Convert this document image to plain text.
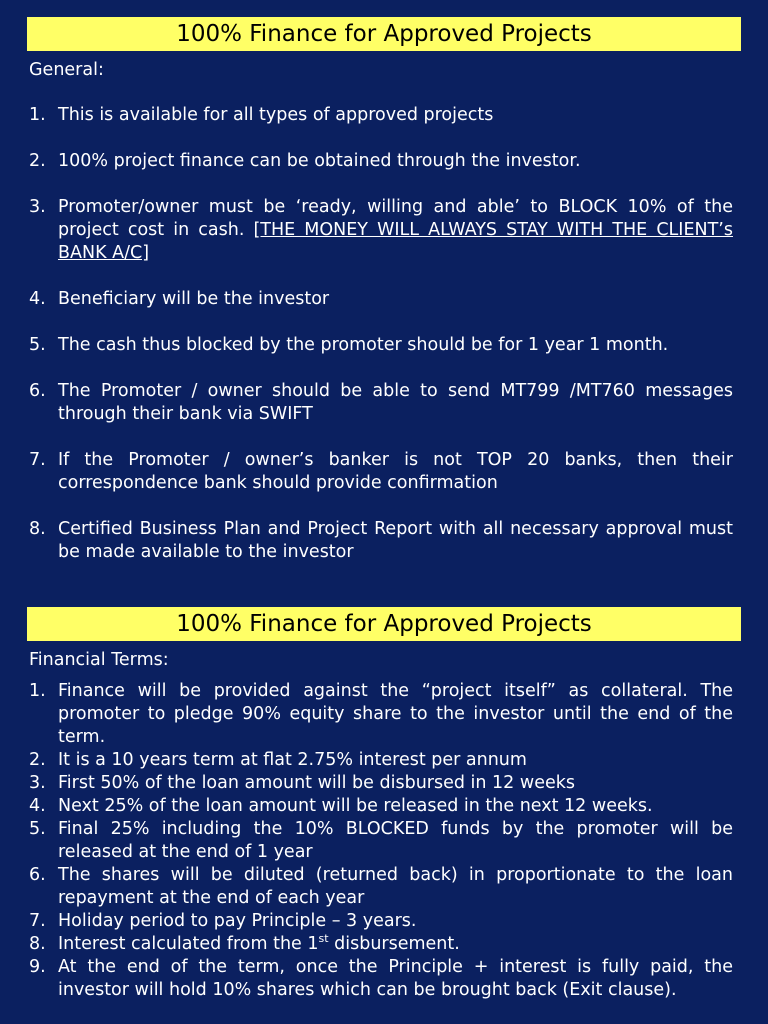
100% Finance for Approved Projects
General:
1. This is available for all types of approved projects
2. 100% project finance can be obtained through the investor.
3. Promoter/owner must be ‘ready, willing and able’ to BLOCK 10% of the project cost in cash. [THE MONEY WILL ALWAYS STAY WITH THE CLIENT’s BANK A/C]
4. Beneficiary will be the investor
5. The cash thus blocked by the promoter should be for 1 year 1 month.
6. The Promoter / owner should be able to send MT799 /MT760 messages through their bank via SWIFT
7. If the Promoter / owner’s banker is not TOP 20 banks, then their correspondence bank should provide confirmation
8. Certified Business Plan and Project Report with all necessary approval must be made available to the investor
100% Finance for Approved Projects
Financial Terms:
1. Finance will be provided against the “project itself” as collateral. The promoter to pledge 90% equity share to the investor until the end of the term.
2. It is a 10 years term at flat 2.75% interest per annum
3. First 50% of the loan amount will be disbursed in 12 weeks
4. Next 25% of the loan amount will be released in the next 12 weeks.
5. Final 25% including the 10% BLOCKED funds by the promoter will be released at the end of 1 year
6. The shares will be diluted (returned back) in proportionate to the loan repayment at the end of each year
7. Holiday period to pay Principle – 3 years.
8. Interest calculated from the 1st disbursement.
9. At the end of the term, once the Principle + interest is fully paid, the investor will hold 10% shares which can be brought back (Exit clause).
